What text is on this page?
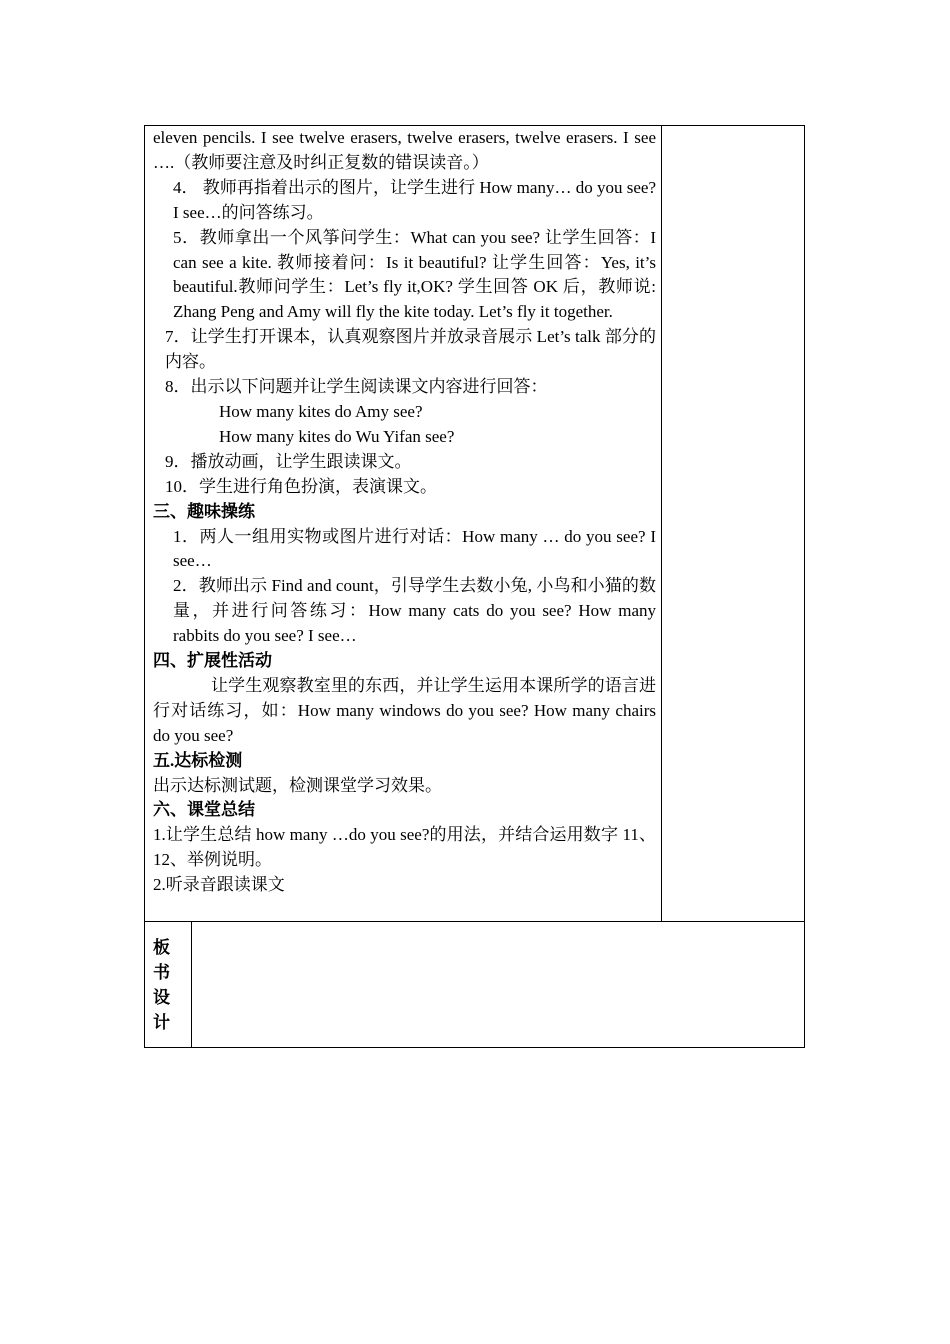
eleven pencils. I see twelve erasers, twelve erasers, twelve erasers. I see ….（教师要注意及时纠正复数的错误读音。）

4． 教师再指着出示的图片，让学生进行 How many… do you see? I see…的问答练习。

5．教师拿出一个风筝问学生：What can you see? 让学生回答：I can see a kite. 教师接着问：Is it beautiful? 让学生回答：Yes, it’s beautiful.教师问学生：Let’s fly it,OK? 学生回答 OK 后，教师说: Zhang Peng and Amy will fly the kite today. Let’s fly it together.

7．让学生打开课本，认真观察图片并放录音展示 Let’s talk 部分的内容。

8．出示以下问题并让学生阅读课文内容进行回答：

How many kites do Amy see?

How many kites do Wu Yifan see?

9．播放动画，让学生跟读课文。

10．学生进行角色扮演，表演课文。

三、趣味操练

1．两人一组用实物或图片进行对话：How many … do you see? I see…

2．教师出示 Find and count，引导学生去数小兔, 小鸟和小猫的数量，并进行问答练习：How many cats do you see? How many rabbits do you see? I see…

四、扩展性活动

让学生观察教室里的东西，并让学生运用本课所学的语言进行对话练习，如：How many windows do you see? How many chairs do you see?

五.达标检测

出示达标测试题，检测课堂学习效果。

六、课堂总结

1.让学生总结 how many …do you see?的用法，并结合运用数字 11、12、举例说明。

2.听录音跟读课文

板
书
设
计
